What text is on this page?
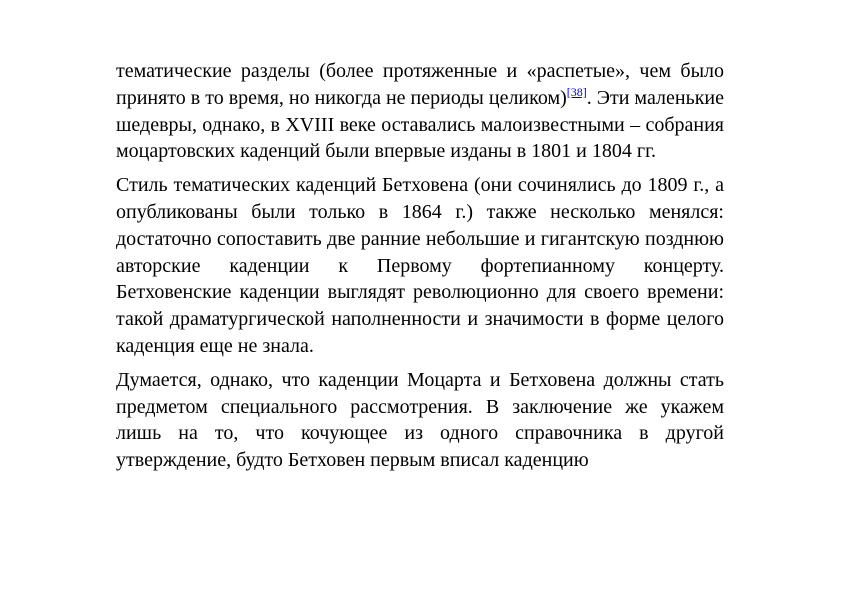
тематические разделы (более протяженные и «распетые», чем было принято в то время, но никогда не периоды целиком)[38]. Эти маленькие шедевры, однако, в XVIII веке оставались малоизвестными – собрания моцартовских каденций были впервые изданы в 1801 и 1804 гг.

Стиль тематических каденций Бетховена (они сочинялись до 1809 г., а опубликованы были только в 1864 г.) также несколько менялся: достаточно сопоставить две ранние небольшие и гигантскую позднюю авторские каденции к Первому фортепианному концерту. Бетховенские каденции выглядят революционно для своего времени: такой драматургической наполненности и значимости в форме целого каденция еще не знала.

Думается, однако, что каденции Моцарта и Бетховена должны стать предметом специального рассмотрения. В заключение же укажем лишь на то, что кочующее из одного справочника в другой утверждение, будто Бетховен первым вписал каденцию
